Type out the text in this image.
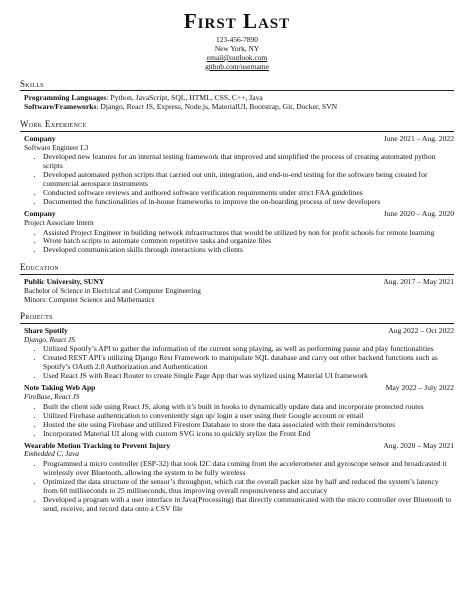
First Last
123-456-7890
New York, NY
email@outlook.com
github.com/username
Skills
Programming Languages: Python, JavaScript, SQL, HTML, CSS, C++, Java
Software/Frameworks: Django, React JS, Express, Node.js, MaterialUI, Bootstrap, Git, Docker, SVN
Work Experience
Company	June 2021 – Aug. 2022
Software Engineer L3
• Developed new features for an internal testing framework that improved and simplified the process of creating automated python scripts
• Developed automated python scripts that carried out unit, integration, and end-to-end testing for the software being created for commercial aerospace instruments
• Conducted software reviews and authored software verification requirements under strict FAA guidelines
• Documented the functionalities of in-house frameworks to improve the on-boarding process of new developers
Company	June 2020 – Aug. 2020
Project Associate Intern
• Assisted Project Engineer in building network infrastructures that would be utilized by non for profit schools for remote learning
• Wrote batch scripts to automate common repetitive tasks and organize files
• Developed communication skills through interactions with clients
Education
Public University, SUNY	Aug. 2017 – May 2021
Bachelor of Science in Electrical and Computer Engineering
Minors: Computer Science and Mathematics
Projects
Share Spotify	Aug 2022 – Oct 2022
Django, React JS
• Utilized Spotify’s API to gather the information of the current song playing, as well as performing pause and play functionalities
• Created REST API’s utilizing Django Rest Framework to manipulate SQL database and carry out other backend functions such as Spotify’s OAuth 2.0 Authorization and Authentication
• Used React JS with React Router to create Single Page App that was stylized using Material UI framework
Note Taking Web App	May 2022 – July 2022
FireBase, React JS
• Built the client side using React JS, along with it’s built in hooks to dynamically update data and incorporate protected routes
• Utilized Firebase authentication to conveniently sign up/ login a user using their Google account or email
• Hosted the site using Firebase and utilized Firestore Database to store the data associated with their reminders/notes
• Incorporated Material UI along with custom SVG icons to quickly stylize the Front End
Wearable Motion Tracking to Prevent Injury	Aug. 2020 – May 2021
Embedded C, Java
• Programmed a micro controller (ESP-32) that took I2C data coming from the accelerometer and gyroscope sensor and broadcasted it wirelessly over Bluetooth, allowing the system to be fully wireless
• Optimized the data structure of the sensor’s throughput, which cut the overall packet size by half and reduced the system’s latency from 60 milliseconds to 25 milliseconds, thus improving overall responsiveness and accuracy
• Developed a program with a user interface in Java(Processing) that directly communicated with the micro controller over Bluetooth to send, receive, and record data onto a CSV file
